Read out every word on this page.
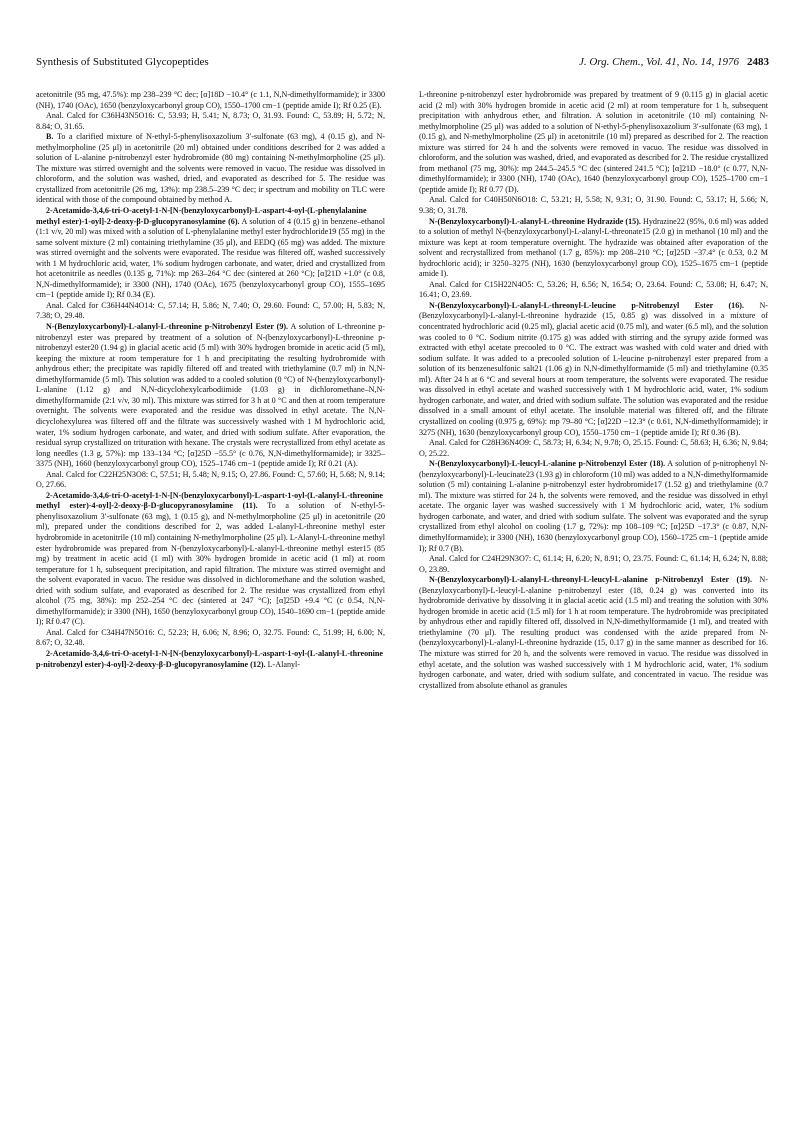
Synthesis of Substituted Glycopeptides	J. Org. Chem., Vol. 41, No. 14, 1976 2483

acetonitrile (95 mg, 47.5%): mp 238–239 °C dec; [α]18D −10.4° (c 1.1, N,N-dimethylformamide); ir 3300 (NH), 1740 (OAc), 1650 (benzyloxycarbonyl group CO), 1550–1700 cm−1 (peptide amide I); Rf 0.25 (E).

Anal. Calcd for C36H43N5O16: C, 53.93; H, 5.41; N, 8.73; O, 31.93. Found: C, 53.89; H, 5.72; N, 8.84; O, 31.65.

B. To a clarified mixture of N-ethyl-5-phenylisoxazolium 3′-sulfonate (63 mg), 4 (0.15 g), and N-methylmorpholine (25 μl) in acetonitrile (20 ml) obtained under conditions described for 2 was added a solution of L-alanine p-nitrobenzyl ester hydrobromide (80 mg) containing N-methylmorpholine (25 μl). The mixture was stirred overnight and the solvents were removed in vacuo. The residue was dissolved in chloroform, and the solution was washed, dried, and evaporated as described for 5. The residue was crystallized from acetonitrile (26 mg, 13%): mp 238.5–239 °C dec; ir spectrum and mobility on TLC were identical with those of the compound obtained by method A.

2-Acetamido-3,4,6-tri-O-acetyl-1-N-[N-(benzyloxycarbonyl)-L-aspart-4-oyl-(L-phenylalanine methyl ester)-1-oyl]-2-deoxy-β-D-glucopyranosylamine (6). A solution of 4 (0.15 g) in benzene–ethanol (1:1 v/v, 20 ml) was mixed with a solution of L-phenylalanine methyl ester hydrochloride19 (55 mg) in the same solvent mixture (2 ml) containing triethylamine (35 μl), and EEDQ (65 mg) was added. The mixture was stirred overnight and the solvents were evaporated. The residue was filtered off, washed successively with 1 M hydrochloric acid, water, 1% sodium hydrogen carbonate, and water, dried and crystallized from hot acetonitrile as needles (0.135 g, 71%): mp 263–264 °C dec (sintered at 260 °C); [α]21D +1.0° (c 0.8, N,N-dimethylformamide); ir 3300 (NH), 1740 (OAc), 1675 (benzyloxycarbonyl group CO), 1555–1695 cm−1 (peptide amide I); Rf 0.34 (E).

Anal. Calcd for C36H44N4O14: C, 57.14; H, 5.86; N, 7.40; O, 29.60. Found: C, 57.00; H, 5.83; N, 7.38; O, 29.48.

N-(Benzyloxycarbonyl)-L-alanyl-L-threonine p-Nitrobenzyl Ester (9). A solution of L-threonine p-nitrobenzyl ester was prepared by treatment of a solution of N-(benzyloxycarbonyl)-L-threonine p-nitrobenzyl ester20 (1.94 g) in glacial acetic acid (5 ml) with 30% hydrogen bromide in acetic acid (5 ml), keeping the mixture at room temperature for 1 h and precipitating the resulting hydrobromide with anhydrous ether; the precipitate was rapidly filtered off and treated with triethylamine (0.7 ml) in N,N-dimethylformamide (5 ml). This solution was added to a cooled solution (0 °C) of N-(benzyloxycarbonyl)-L-alanine (1.12 g) and N,N-dicyclohexylcarbodiimide (1.03 g) in dichloromethane–N,N-dimethylformamide (2:1 v/v, 30 ml). This mixture was stirred for 3 h at 0 °C and then at room temperature overnight. The solvents were evaporated and the residue was dissolved in ethyl acetate. The N,N-dicyclohexylurea was filtered off and the filtrate was successively washed with 1 M hydrochloric acid, water, 1% sodium hydrogen carbonate, and water, and dried with sodium sulfate. After evaporation, the residual syrup crystallized on trituration with hexane. The crystals were recrystallized from ethyl acetate as long needles (1.3 g, 57%): mp 133–134 °C; [α]25D −55.5° (c 0.76, N,N-dimethylformamide); ir 3325–3375 (NH), 1660 (benzyloxycarbonyl group CO), 1525–1746 cm−1 (peptide amide I); Rf 0.21 (A).

Anal. Calcd for C22H25N3O8: C, 57.51; H, 5.48; N, 9.15; O, 27.86. Found: C, 57.60; H, 5.68; N, 9.14; O, 27.66.

2-Acetamido-3,4,6-tri-O-acetyl-1-N-[N-(benzyloxycarbonyl)-L-aspart-1-oyl-(L-alanyl-L-threonine methyl ester)-4-oyl]-2-deoxy-β-D-glucopyranosylamine (11). To a solution of N-ethyl-5-phenylisoxazolium 3′-sulfonate (63 mg), 1 (0.15 g), and N-methylmorpholine (25 μl) in acetonitrile (20 ml), prepared under the conditions described for 2, was added L-alanyl-L-threonine methyl ester hydrobromide in acetonitrile (10 ml) containing N-methylmorpholine (25 μl). L-Alanyl-L-threonine methyl ester hydrobromide was prepared from N-(benzyloxycarbonyl)-L-alanyl-L-threonine methyl ester15 (85 mg) by treatment in acetic acid (1 ml) with 30% hydrogen bromide in acetic acid (1 ml) at room temperature for 1 h, subsequent precipitation, and rapid filtration. The mixture was stirred overnight and the solvent evaporated in vacuo. The residue was dissolved in dichloromethane and the solution washed, dried with sodium sulfate, and evaporated as described for 2. The residue was crystallized from ethyl alcohol (75 mg, 38%): mp 252–254 °C dec (sintered at 247 °C); [α]25D +9.4 °C (c 0.54, N,N-dimethylformamide); ir 3300 (NH), 1650 (benzyloxycarbonyl group CO), 1540–1690 cm−1 (peptide amide I); Rf 0.47 (C).

Anal. Calcd for C34H47N5O16: C, 52.23; H, 6.06; N, 8.96; O, 32.75. Found: C, 51.99; H, 6.00; N, 8.67; O, 32.48.

2-Acetamido-3,4,6-tri-O-acetyl-1-N-[N-(benzyloxycarbonyl)-L-aspart-1-oyl-(L-alanyl-L-threonine p-nitrobenzyl ester)-4-oyl]-2-deoxy-β-D-glucopyranosylamine (12). L-Alanyl-

L-threonine p-nitrobenzyl ester hydrobromide was prepared by treatment of 9 (0.115 g) in glacial acetic acid (2 ml) with 30% hydrogen bromide in acetic acid (2 ml) at room temperature for 1 h, subsequent precipitation with anhydrous ether, and filtration. A solution in acetonitrile (10 ml) containing N-methylmorpholine (25 μl) was added to a solution of N-ethyl-5-phenylisoxazolium 3′-sulfonate (63 mg), 1 (0.15 g), and N-methylmorpholine (25 μl) in acetonitrile (10 ml) prepared as described for 2. The reaction mixture was stirred for 24 h and the solvents were removed in vacuo. The residue was dissolved in chloroform, and the solution was washed, dried, and evaporated as described for 2. The residue crystallized from methanol (75 mg, 30%): mp 244.5–245.5 °C dec (sintered 241.5 °C); [α]21D −18.0° (c 0.77, N,N-dimethylformamide); ir 3300 (NH), 1740 (OAc), 1640 (benzyloxycarbonyl group CO), 1525–1700 cm−1 (peptide amide I); Rf 0.77 (D).

Anal. Calcd for C40H50N6O18: C, 53.21; H, 5.58; N, 9.31; O, 31.90. Found: C, 53.17; H, 5.66; N, 9.38; O, 31.78.

N-(Benzyloxycarbonyl)-L-alanyl-L-threonine Hydrazide (15). Hydrazine22 (95%, 0.6 ml) was added to a solution of methyl N-(benzyloxycarbonyl)-L-alanyl-L-threonate15 (2.0 g) in methanol (10 ml) and the mixture was kept at room temperature overnight. The hydrazide was obtained after evaporation of the solvent and recrystallized from methanol (1.7 g, 85%): mp 208–210 °C; [α]25D −37.4° (c 0.53, 0.2 M hydrochloric acid); ir 3250–3275 (NH), 1630 (benzyloxycarbonyl group CO), 1525–1675 cm−1 (peptide amide I).

Anal. Calcd for C15H22N4O5: C, 53.26; H, 6.56; N, 16.54; O, 23.64. Found: C, 53.08; H, 6.47; N, 16.41; O, 23.69.

N-(Benzyloxycarbonyl)-L-alanyl-L-threonyl-L-leucine p-Nitrobenzyl Ester (16). N-(Benzyloxycarbonyl)-L-alanyl-L-threonine hydrazide (15, 0.85 g) was dissolved in a mixture of concentrated hydrochloric acid (0.25 ml), glacial acetic acid (0.75 ml), and water (6.5 ml), and the solution was cooled to 0 °C. Sodium nitrite (0.175 g) was added with stirring and the syrupy azide formed was extracted with ethyl acetate precooled to 0 °C. The extract was washed with cold water and dried with sodium sulfate. It was added to a precooled solution of L-leucine p-nitrobenzyl ester prepared from a solution of its benzenesulfonic salt21 (1.06 g) in N,N-dimethylformamide (5 ml) and triethylamine (0.35 ml). After 24 h at 6 °C and several hours at room temperature, the solvents were evaporated. The residue was dissolved in ethyl acetate and washed successively with 1 M hydrochloric acid, water, 1% sodium hydrogen carbonate, and water, and dried with sodium sulfate. The solution was evaporated and the residue dissolved in a small amount of ethyl acetate. The insoluble material was filtered off, and the filtrate crystallized on cooling (0.975 g, 69%): mp 79–80 °C; [α]22D −12.3° (c 0.61, N,N-dimethylformamide); ir 3275 (NH), 1630 (benzyloxycarbonyl group CO), 1550–1750 cm−1 (peptide amide I); Rf 0.36 (B).

Anal. Calcd for C28H36N4O9: C, 58.73; H, 6.34; N, 9.78; O, 25.15. Found: C, 58.63; H, 6.36; N, 9.84; O, 25.22.

N-(Benzyloxycarbonyl)-L-leucyl-L-alanine p-Nitrobenzyl Ester (18). A solution of p-nitrophenyl N-(benzyloxycarbonyl)-L-leucinate23 (1.93 g) in chloroform (10 ml) was added to a N,N-dimethylformamide solution (5 ml) containing L-alanine p-nitrobenzyl ester hydrobromide17 (1.52 g) and triethylamine (0.7 ml). The mixture was stirred for 24 h, the solvents were removed, and the residue was dissolved in ethyl acetate. The organic layer was washed successively with 1 M hydrochloric acid, water, 1% sodium hydrogen carbonate, and water, and dried with sodium sulfate. The solvent was evaporated and the syrup crystallized from ethyl alcohol on cooling (1.7 g, 72%): mp 108–109 °C; [α]25D −17.3° (c 0.87, N,N-dimethylformamide); ir 3300 (NH), 1630 (benzyloxycarbonyl group CO), 1560–1725 cm−1 (peptide amide I); Rf 0.7 (B).

Anal. Calcd for C24H29N3O7: C, 61.14; H, 6.20; N, 8.91; O, 23.75. Found: C, 61.14; H, 6.24; N, 8.88; O, 23.89.

N-(Benzyloxycarbonyl)-L-alanyl-L-threonyl-L-leucyl-L-alanine p-Nitrobenzyl Ester (19). N-(Benzyloxycarbonyl)-L-leucyl-L-alanine p-nitrobenzyl ester (18, 0.24 g) was converted into its hydrobromide derivative by dissolving it in glacial acetic acid (1.5 ml) and treating the solution with 30% hydrogen bromide in acetic acid (1.5 ml) for 1 h at room temperature. The hydrobromide was precipitated by anhydrous ether and rapidly filtered off, dissolved in N,N-dimethylformamide (1 ml), and treated with triethylamine (70 μl). The resulting product was condensed with the azide prepared from N-(benzyloxycarbonyl)-L-alanyl-L-threonine hydrazide (15, 0.17 g) in the same manner as described for 16. The mixture was stirred for 20 h, and the solvents were removed in vacuo. The residue was dissolved in ethyl acetate, and the solution was washed successively with 1 M hydrochloric acid, water, 1% sodium hydrogen carbonate, and water, dried with sodium sulfate, and concentrated in vacuo. The residue was crystallized from absolute ethanol as granules
